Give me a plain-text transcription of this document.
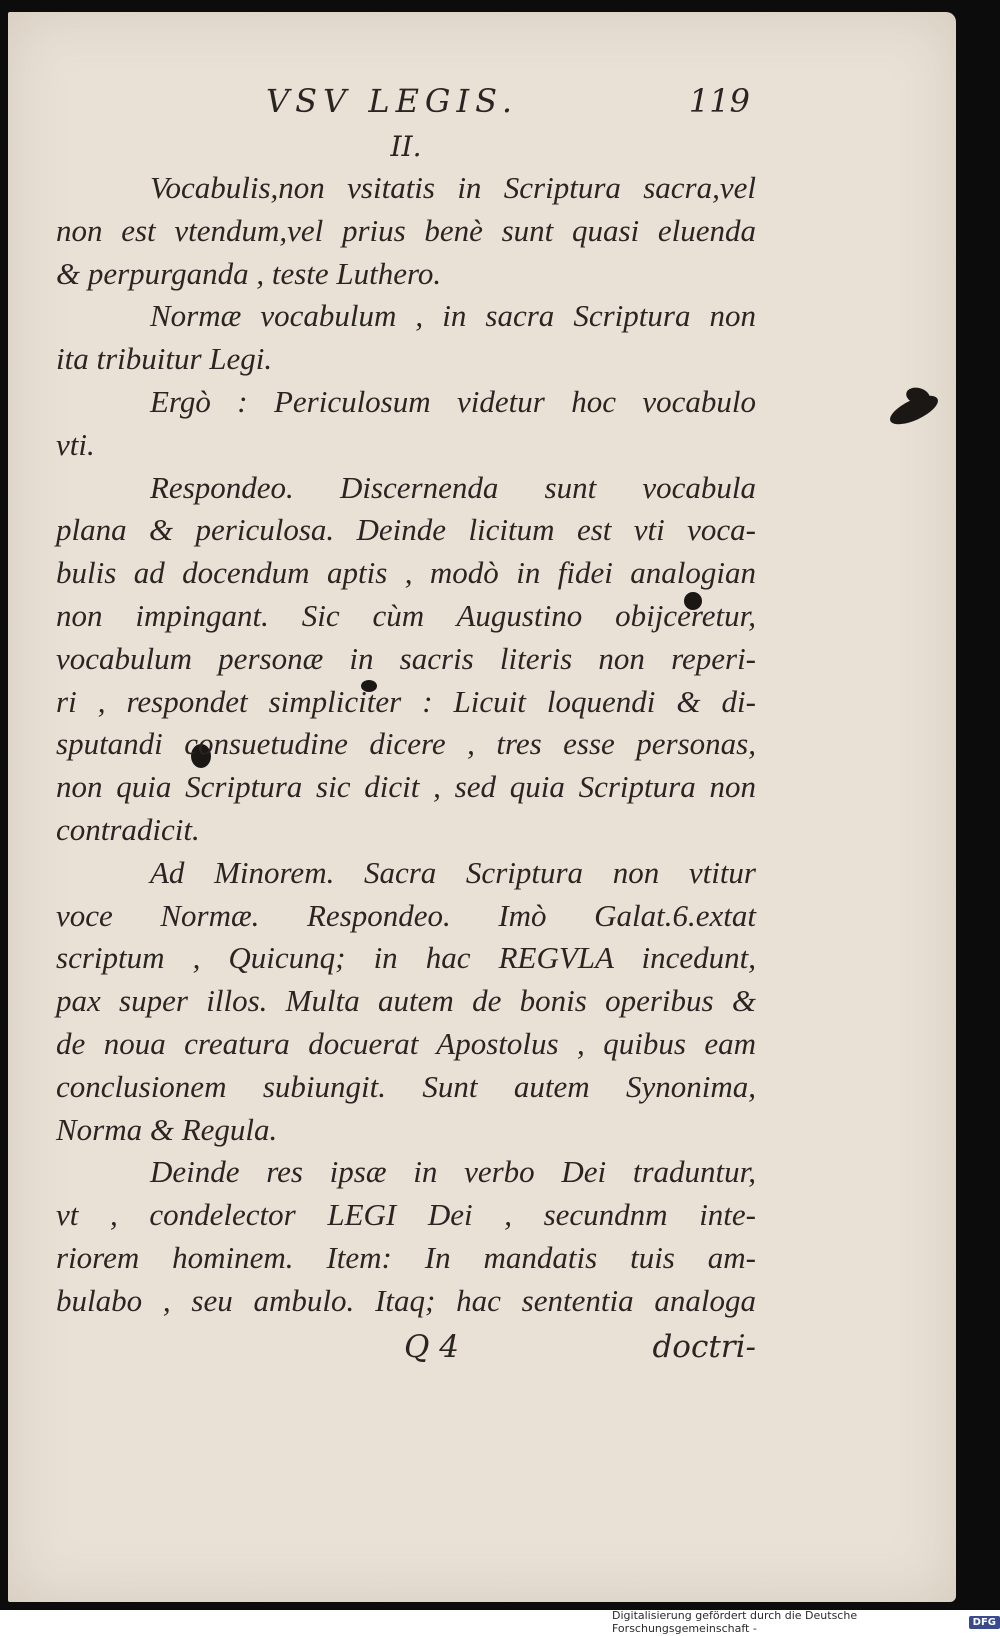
VSV LEGIS.	119
II.
Vocabulis,non vsitatis in Scriptura sacra,vel
non est vtendum,vel prius benè sunt quasi eluenda
& perpurganda , teste Luthero.
Normæ vocabulum , in sacra Scriptura non
ita tribuitur Legi.
Ergò : Periculosum videtur hoc vocabulo
vti.
Respondeo. Discernenda sunt vocabula
plana & periculosa. Deinde licitum est vti voca-
bulis ad docendum aptis , modò in fidei analogian
non impingant. Sic cùm Augustino obijceretur,
vocabulum personæ in sacris literis non reperi-
ri , respondet simpliciter : Licuit loquendi & di-
sputandi consuetudine dicere , tres esse personas,
non quia Scriptura sic dicit , sed quia Scriptura non
contradicit.
Ad Minorem. Sacra Scriptura non vtitur
voce Normæ. Respondeo. Imò Galat.6.extat
scriptum , Quicunq; in hac REGVLA incedunt,
pax super illos. Multa autem de bonis operibus &
de noua creatura docuerat Apostolus , quibus eam
conclusionem subiungit. Sunt autem Synonima,
Norma & Regula.
Deinde res ipsæ in verbo Dei traduntur,
vt , condelector LEGI Dei , secundnm inte-
riorem hominem. Item: In mandatis tuis am-
bulabo , seu ambulo. Itaq; hac sententia analoga
Q 4	doctri-
Digitalisierung gefördert durch die Deutsche Forschungsgemeinschaft -	DFG
